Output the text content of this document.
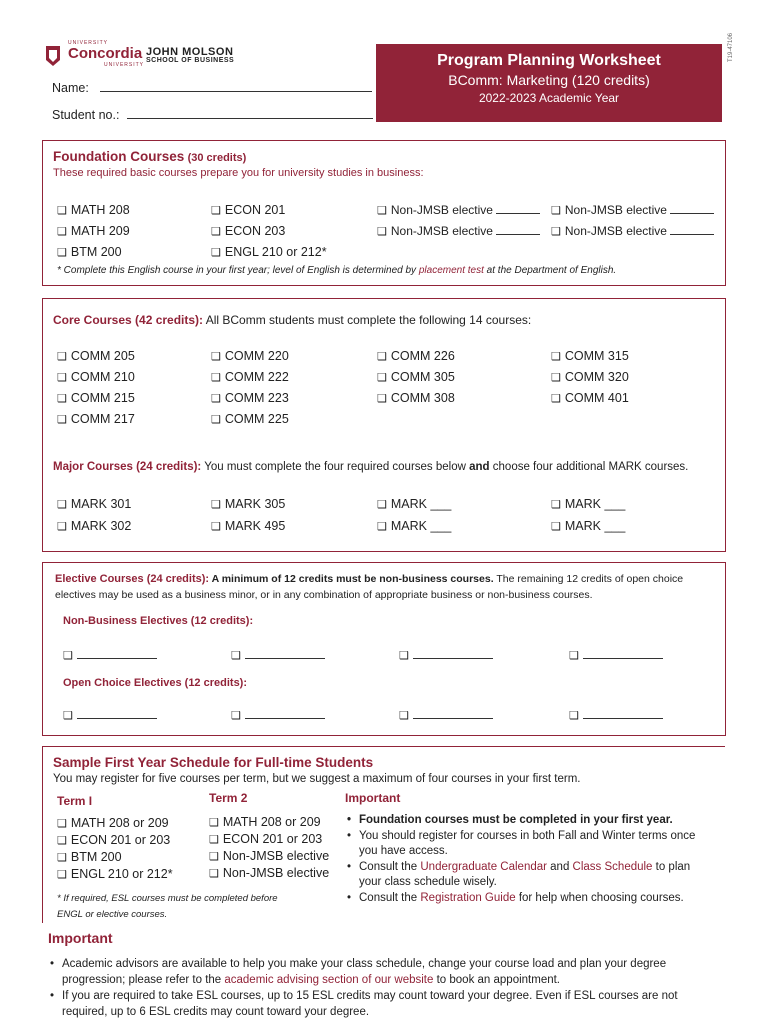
UNIVERSITY
Concordia
UNIVERSITY
JOHN MOLSON
SCHOOL OF BUSINESS
Name:
Student no.:
Program Planning Worksheet
BComm: Marketing (120 credits)
2022-2023 Academic Year
T19-47106
Foundation Courses (30 credits)
These required basic courses prepare you for university studies in business:
❑ MATH 208
❑ MATH 209
❑ BTM 200
❑ ECON 201
❑ ECON 203
❑ ENGL 210 or 212*
❑ Non-JMSB elective
❑ Non-JMSB elective
❑ Non-JMSB elective
❑ Non-JMSB elective
* Complete this English course in your first year; level of English is determined by placement test at the Department of English.
Core Courses (42 credits): All BComm students must complete the following 14 courses:
❑ COMM 205
❑ COMM 210
❑ COMM 215
❑ COMM 217
❑ COMM 220
❑ COMM 222
❑ COMM 223
❑ COMM 225
❑ COMM 226
❑ COMM 305
❑ COMM 308
❑ COMM 315
❑ COMM 320
❑ COMM 401
Major Courses (24 credits): You must complete the four required courses below and choose four additional MARK courses.
❑ MARK 301
❑ MARK 302
❑ MARK 305
❑ MARK 495
❑ MARK ___
❑ MARK ___
❑ MARK ___
❑ MARK ___
Elective Courses (24 credits): A minimum of 12 credits must be non-business courses. The remaining 12 credits of open choice electives may be used as a business minor, or in any combination of appropriate business or non-business courses.
Non-Business Electives (12 credits):
❑
❑
❑
❑
Open Choice Electives (12 credits):
❑
❑
❑
❑
Sample First Year Schedule for Full-time Students
You may register for five courses per term, but we suggest a maximum of four courses in your first term.
Term I	Term 2	Important
❑ MATH 208 or 209
❑ ECON 201 or 203
❑ BTM 200
❑ ENGL 210 or 212*
❑ MATH 208 or 209
❑ ECON 201 or 203
❑ Non-JMSB elective
❑ Non-JMSB elective
* If required, ESL courses must be completed before ENGL or elective courses.
• Foundation courses must be completed in your first year.
• You should register for courses in both Fall and Winter terms once you have access.
• Consult the Undergraduate Calendar and Class Schedule to plan your class schedule wisely.
• Consult the Registration Guide for help when choosing courses.
Important
• Academic advisors are available to help you make your class schedule, change your course load and plan your degree progression; please refer to the academic advising section of our website to book an appointment.
• If you are required to take ESL courses, up to 15 ESL credits may count toward your degree. Even if ESL courses are not required, up to 6 ESL credits may count toward your degree.
